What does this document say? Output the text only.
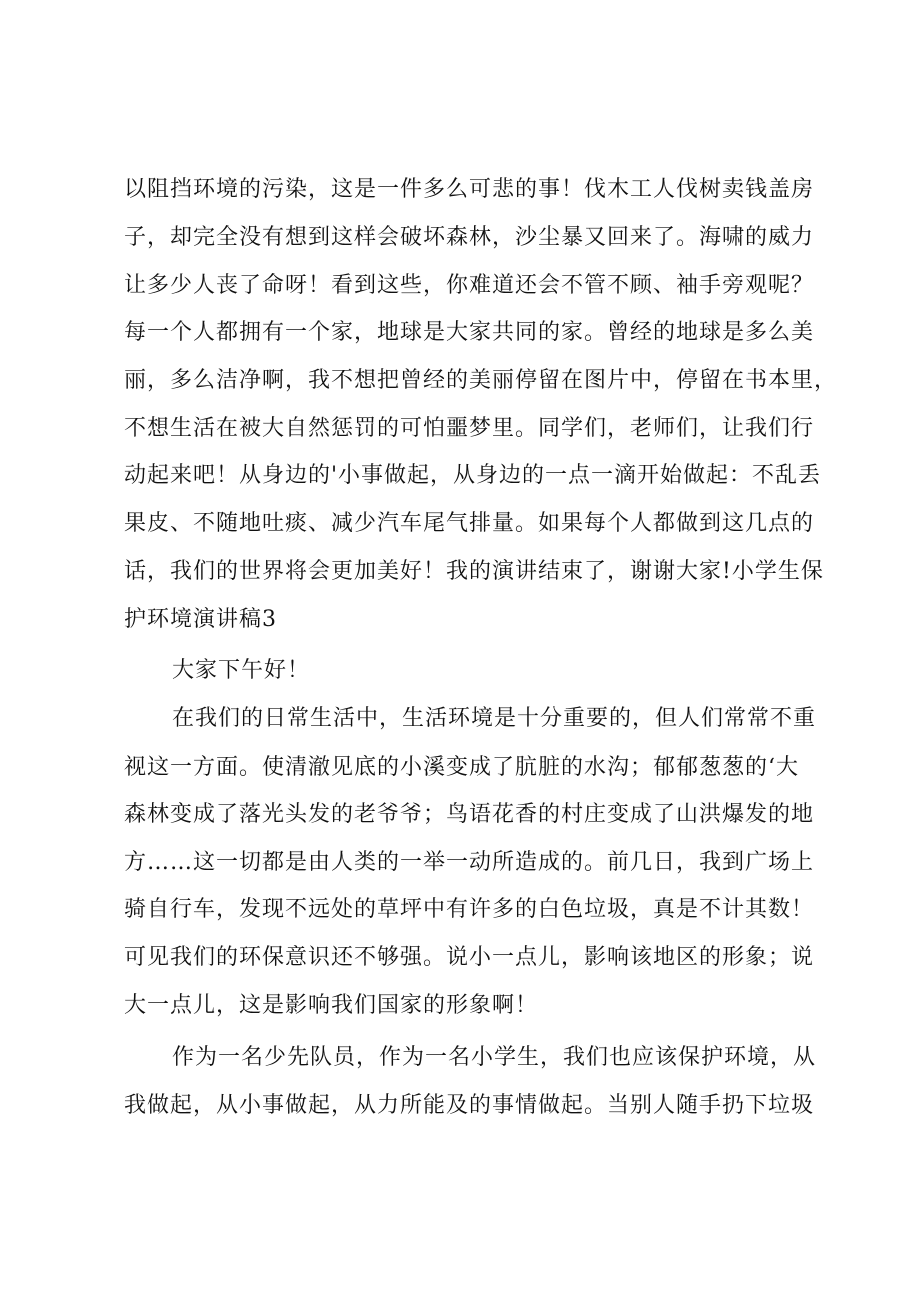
以阻挡环境的污染，这是一件多么可悲的事！伐木工人伐树卖钱盖房
子，却完全没有想到这样会破坏森林，沙尘暴又回来了。海啸的威力
让多少人丧了命呀！看到这些，你难道还会不管不顾、袖手旁观呢？
每一个人都拥有一个家，地球是大家共同的家。曾经的地球是多么美
丽，多么洁净啊，我不想把曾经的美丽停留在图片中，停留在书本里，
不想生活在被大自然惩罚的可怕噩梦里。同学们，老师们，让我们行
动起来吧！从身边的'小事做起，从身边的一点一滴开始做起：不乱丢
果皮、不随地吐痰、减少汽车尾气排量。如果每个人都做到这几点的
话，我们的世界将会更加美好！我的演讲结束了，谢谢大家!小学生保
护环境演讲稿3
大家下午好！
在我们的日常生活中，生活环境是十分重要的，但人们常常不重
视这一方面。使清澈见底的小溪变成了肮脏的水沟；郁郁葱葱的‘大
森林变成了落光头发的老爷爷；鸟语花香的村庄变成了山洪爆发的地
方……这一切都是由人类的一举一动所造成的。前几日，我到广场上
骑自行车，发现不远处的草坪中有许多的白色垃圾，真是不计其数！
可见我们的环保意识还不够强。说小一点儿，影响该地区的形象；说
大一点儿，这是影响我们国家的形象啊！
作为一名少先队员，作为一名小学生，我们也应该保护环境，从
我做起，从小事做起，从力所能及的事情做起。当别人随手扔下垃圾
